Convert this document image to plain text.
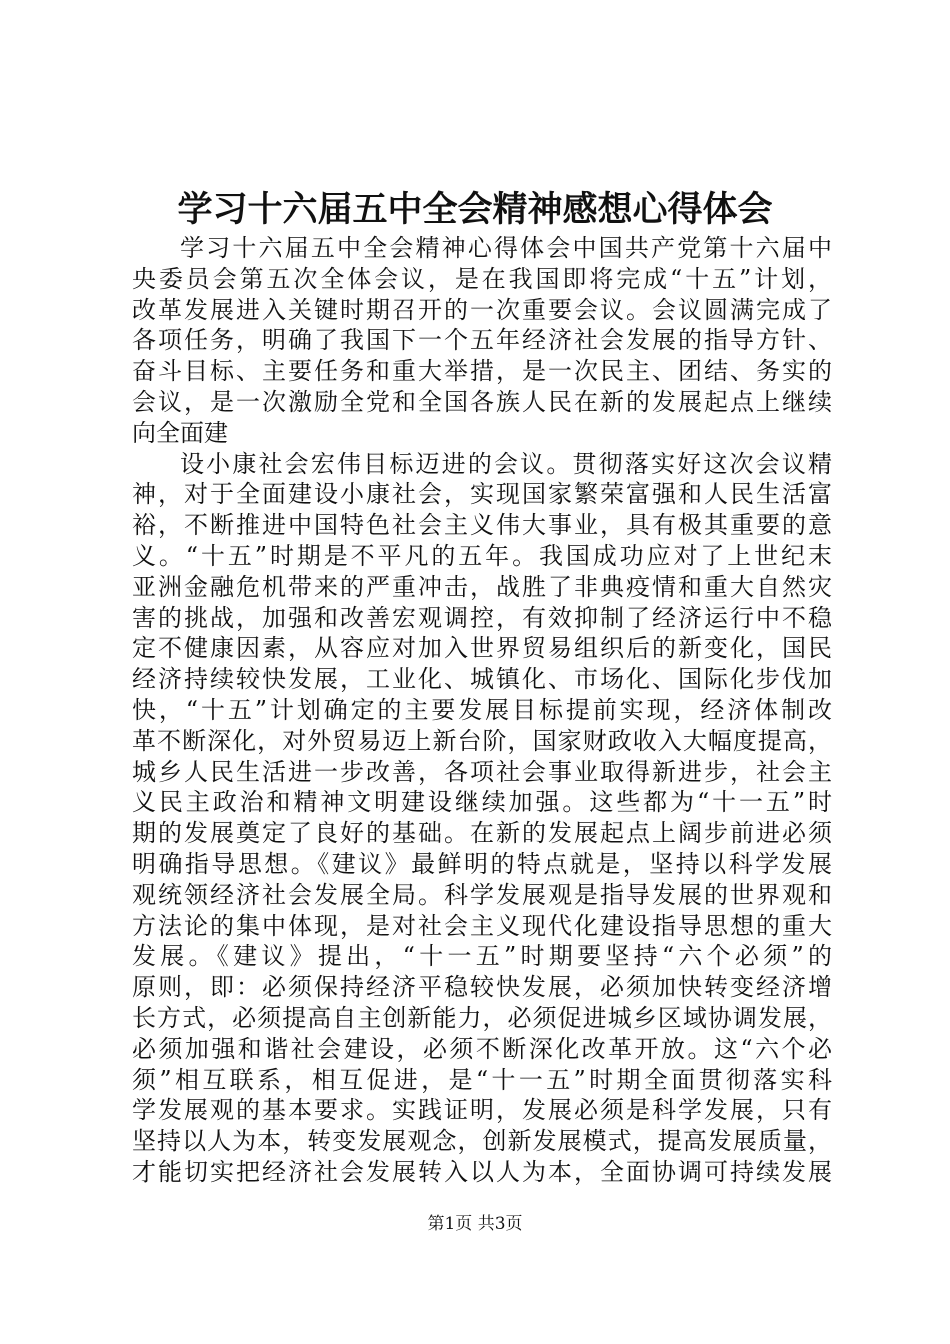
学习十六届五中全会精神感想心得体会
学习十六届五中全会精神心得体会中国共产党第十六届中
央委员会第五次全体会议，是在我国即将完成“十五”计划，
改革发展进入关键时期召开的一次重要会议。会议圆满完成了
各项任务，明确了我国下一个五年经济社会发展的指导方针、
奋斗目标、主要任务和重大举措，是一次民主、团结、务实的
会议，是一次激励全党和全国各族人民在新的发展起点上继续
向全面建
设小康社会宏伟目标迈进的会议。贯彻落实好这次会议精
神，对于全面建设小康社会，实现国家繁荣富强和人民生活富
裕，不断推进中国特色社会主义伟大事业，具有极其重要的意
义。“十五”时期是不平凡的五年。我国成功应对了上世纪末
亚洲金融危机带来的严重冲击，战胜了非典疫情和重大自然灾
害的挑战，加强和改善宏观调控，有效抑制了经济运行中不稳
定不健康因素，从容应对加入世界贸易组织后的新变化，国民
经济持续较快发展，工业化、城镇化、市场化、国际化步伐加
快，“十五”计划确定的主要发展目标提前实现，经济体制改
革不断深化，对外贸易迈上新台阶，国家财政收入大幅度提高，
城乡人民生活进一步改善，各项社会事业取得新进步，社会主
义民主政治和精神文明建设继续加强。这些都为“十一五”时
期的发展奠定了良好的基础。在新的发展起点上阔步前进必须
明确指导思想。《建议》最鲜明的特点就是，坚持以科学发展
观统领经济社会发展全局。科学发展观是指导发展的世界观和
方法论的集中体现，是对社会主义现代化建设指导思想的重大
发展。《建议》提出，“十一五”时期要坚持“六个必须”的
原则，即：必须保持经济平稳较快发展，必须加快转变经济增
长方式，必须提高自主创新能力，必须促进城乡区域协调发展，
必须加强和谐社会建设，必须不断深化改革开放。这“六个必
须”相互联系，相互促进，是“十一五”时期全面贯彻落实科
学发展观的基本要求。实践证明，发展必须是科学发展，只有
坚持以人为本，转变发展观念，创新发展模式，提高发展质量，
才能切实把经济社会发展转入以人为本，全面协调可持续发展
第1页 共3页
